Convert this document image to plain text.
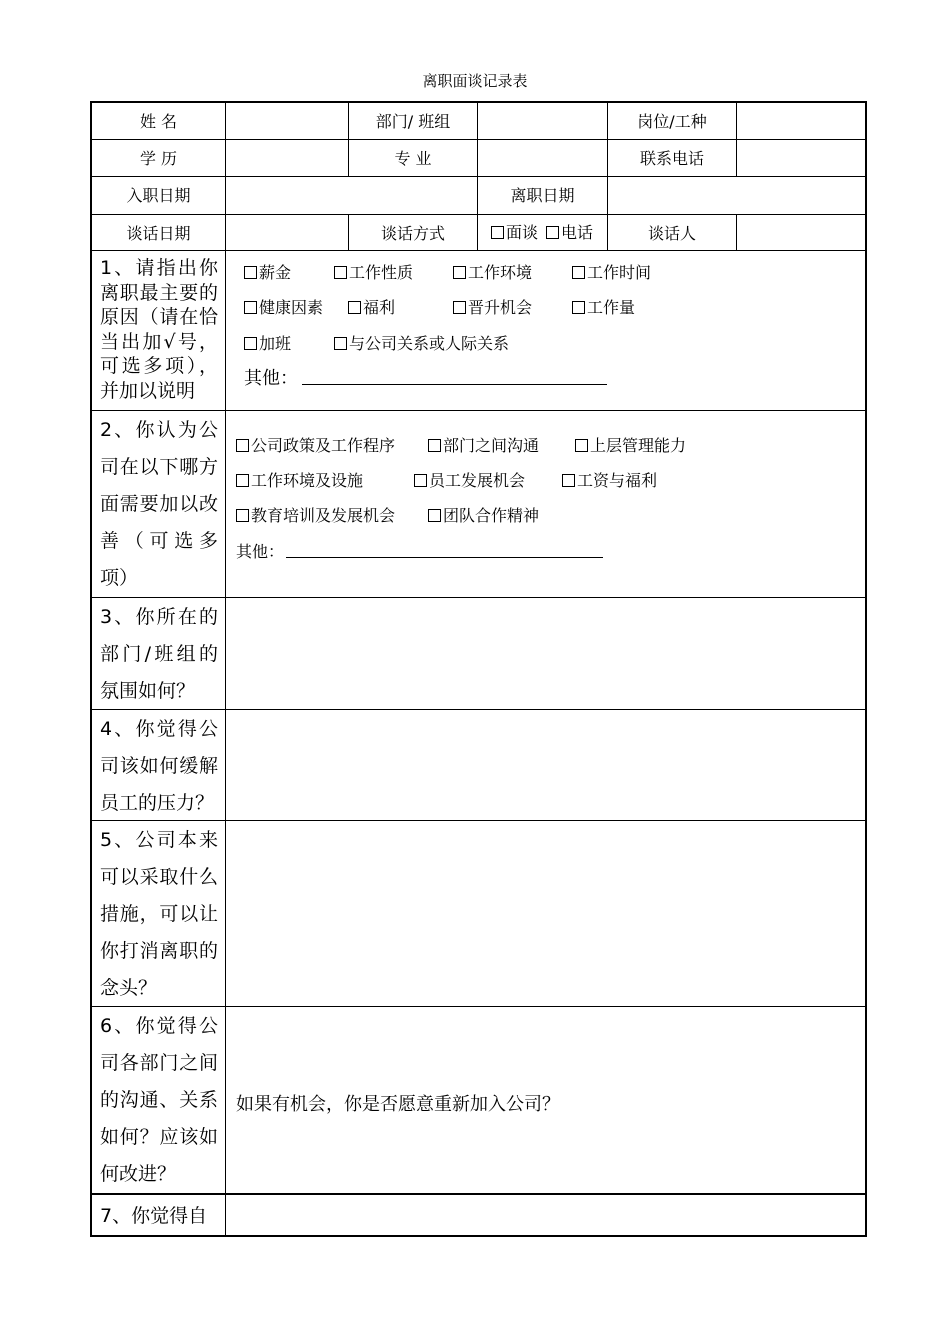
离职面谈记录表
姓 名	部门/ 班组	岗位/工种
学 历	专 业	联系电话
入职日期	离职日期
谈话日期	谈话方式	面谈	电话	谈话人
1、请指出你离职最主要的原因（请在恰当出加√号，可选多项），并加以说明
薪金	工作性质	工作环境	工作时间
健康因素	福利	晋升机会	工作量
加班	与公司关系或人际关系
其他：
2、你认为公司在以下哪方面需要加以改善（可选多项）
公司政策及工作程序	部门之间沟通	上层管理能力
工作环境及设施	员工发展机会	工资与福利
教育培训及发展机会	团队合作精神
其他：
3、你所在的部门/班组的氛围如何？
4、你觉得公司该如何缓解员工的压力？
5、公司本来可以采取什么措施，可以让你打消离职的念头？
6、你觉得公司各部门之间的沟通、关系如何？应该如何改进？
如果有机会，你是否愿意重新加入公司？
7、你觉得自
